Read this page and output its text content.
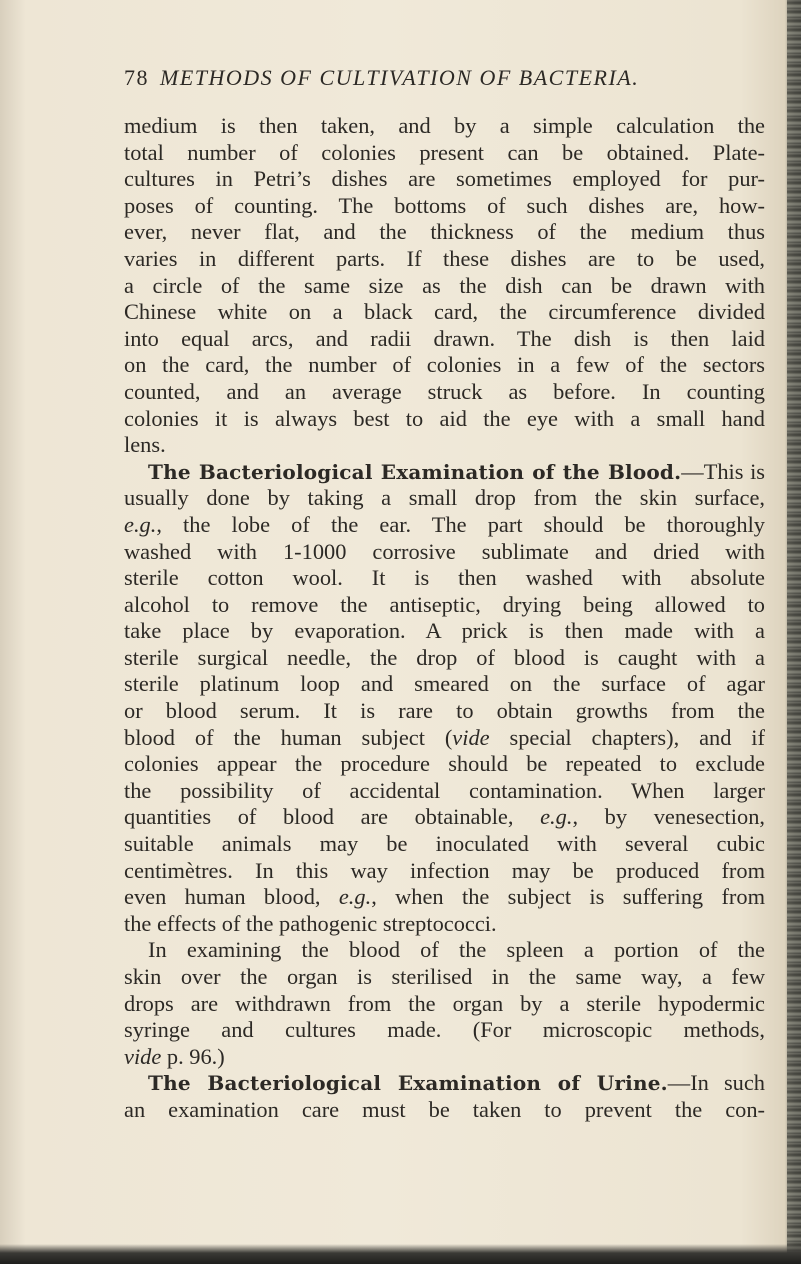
78 METHODS OF CULTIVATION OF BACTERIA.
medium is then taken, and by a simple calculation the
total number of colonies present can be obtained. Plate-
cultures in Petri’s dishes are sometimes employed for pur-
poses of counting. The bottoms of such dishes are, how-
ever, never flat, and the thickness of the medium thus
varies in different parts. If these dishes are to be used,
a circle of the same size as the dish can be drawn with
Chinese white on a black card, the circumference divided
into equal arcs, and radii drawn. The dish is then laid
on the card, the number of colonies in a few of the sectors
counted, and an average struck as before. In counting
colonies it is always best to aid the eye with a small hand
lens.
The Bacteriological Examination of the Blood.—This is
usually done by taking a small drop from the skin surface,
e.g., the lobe of the ear. The part should be thoroughly
washed with 1-1000 corrosive sublimate and dried with
sterile cotton wool. It is then washed with absolute
alcohol to remove the antiseptic, drying being allowed to
take place by evaporation. A prick is then made with a
sterile surgical needle, the drop of blood is caught with a
sterile platinum loop and smeared on the surface of agar
or blood serum. It is rare to obtain growths from the
blood of the human subject (vide special chapters), and if
colonies appear the procedure should be repeated to exclude
the possibility of accidental contamination. When larger
quantities of blood are obtainable, e.g., by venesection,
suitable animals may be inoculated with several cubic
centimètres. In this way infection may be produced from
even human blood, e.g., when the subject is suffering from
the effects of the pathogenic streptococci.
In examining the blood of the spleen a portion of the
skin over the organ is sterilised in the same way, a few
drops are withdrawn from the organ by a sterile hypodermic
syringe and cultures made. (For microscopic methods,
vide p. 96.)
The Bacteriological Examination of Urine.—In such
an examination care must be taken to prevent the con-
